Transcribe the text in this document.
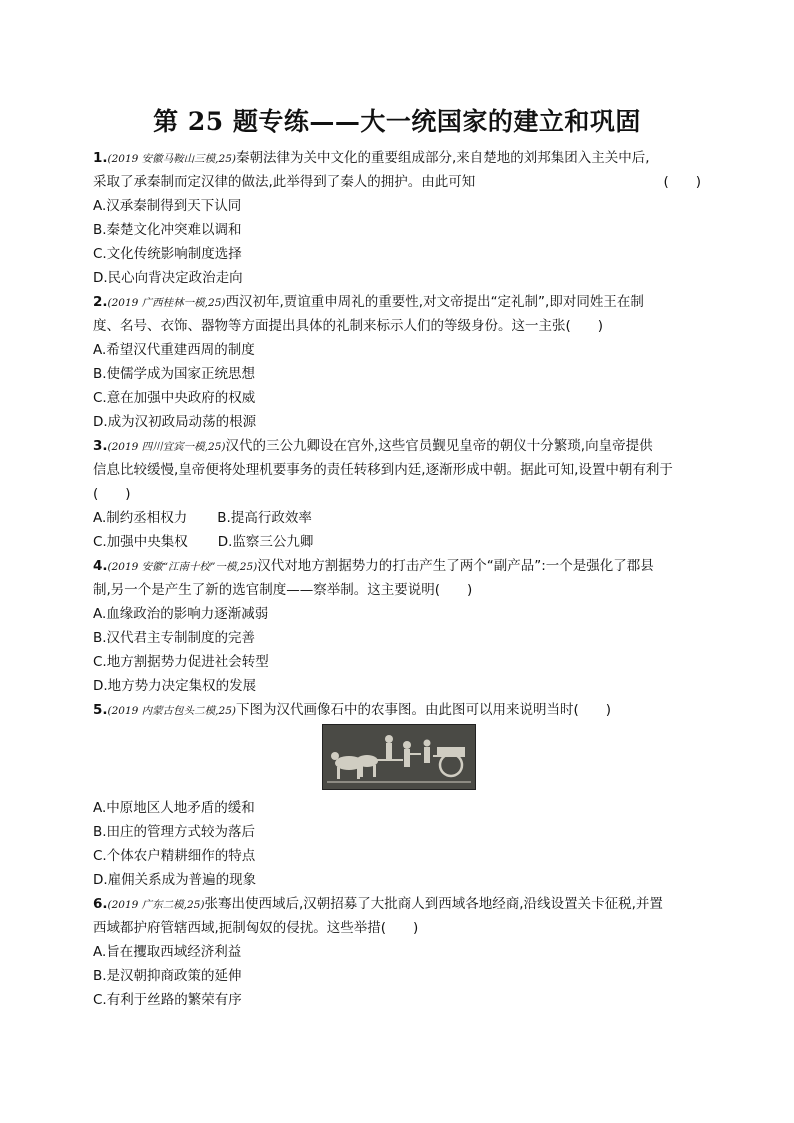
第 25 题专练——大一统国家的建立和巩固
1.(2019 安徽马鞍山三模,25)秦朝法律为关中文化的重要组成部分,来自楚地的刘邦集团入主关中后,
采取了承秦制而定汉律的做法,此举得到了秦人的拥护。由此可知	(　　)
A.汉承秦制得到天下认同
B.秦楚文化冲突难以调和
C.文化传统影响制度选择
D.民心向背决定政治走向
2.(2019 广西桂林一模,25)西汉初年,贾谊重申周礼的重要性,对文帝提出“定礼制”,即对同姓王在制
度、名号、衣饰、器物等方面提出具体的礼制来标示人们的等级身份。这一主张(　　)
A.希望汉代重建西周的制度
B.使儒学成为国家正统思想
C.意在加强中央政府的权威
D.成为汉初政局动荡的根源
3.(2019 四川宜宾一模,25)汉代的三公九卿设在宫外,这些官员觐见皇帝的朝仪十分繁琐,向皇帝提供
信息比较缓慢,皇帝便将处理机要事务的责任转移到内廷,逐渐形成中朝。据此可知,设置中朝有利于
(　　)
A.制约丞相权力 B.提高行政效率
C.加强中央集权 D.监察三公九卿
4.(2019 安徽“江南十校”一模,25)汉代对地方割据势力的打击产生了两个“副产品”:一个是强化了郡县
制,另一个是产生了新的选官制度——察举制。这主要说明(　　)
A.血缘政治的影响力逐渐减弱
B.汉代君主专制制度的完善
C.地方割据势力促进社会转型
D.地方势力决定集权的发展
5.(2019 内蒙古包头二模,25)下图为汉代画像石中的农事图。由此图可以用来说明当时(　　)
A.中原地区人地矛盾的缓和
B.田庄的管理方式较为落后
C.个体农户精耕细作的特点
D.雇佣关系成为普遍的现象
6.(2019 广东二模,25)张骞出使西域后,汉朝招募了大批商人到西域各地经商,沿线设置关卡征税,并置
西域都护府管辖西域,扼制匈奴的侵扰。这些举措(　　)
A.旨在攫取西域经济利益
B.是汉朝抑商政策的延伸
C.有利于丝路的繁荣有序
